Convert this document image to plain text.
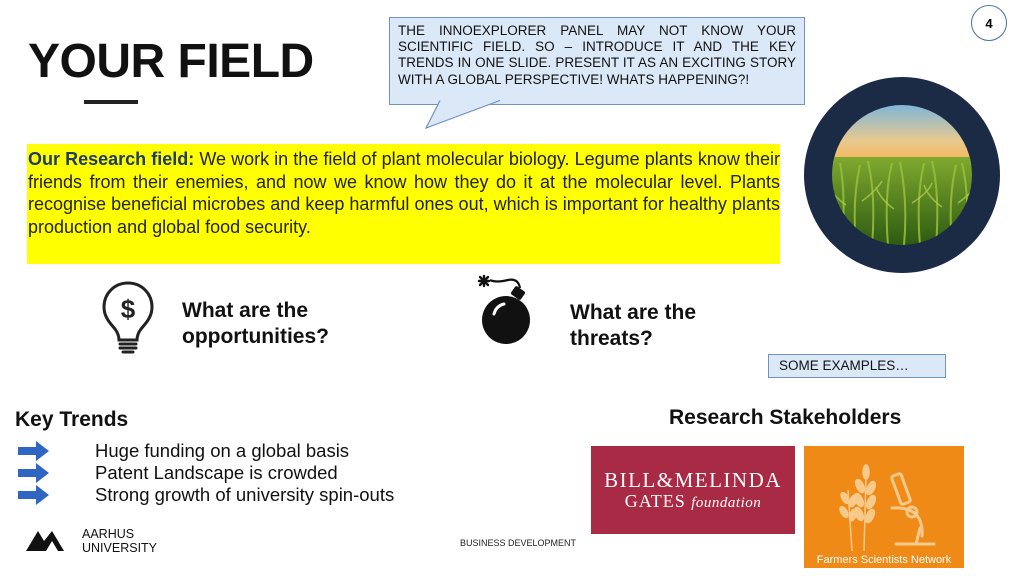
YOUR FIELD
THE INNOEXPLORER PANEL MAY NOT KNOW YOUR SCIENTIFIC FIELD. SO – INTRODUCE IT AND THE KEY TRENDS IN ONE SLIDE. PRESENT IT AS AN EXCITING STORY WITH A GLOBAL PERSPECTIVE! WHATS HAPPENING?!
4
Our Research field: We work in the field of plant molecular biology. Legume plants know their friends from their enemies, and now we know how they do it at the molecular level. Plants recognise beneficial microbes and keep harmful ones out, which is important for healthy plants production and global food security.
$ What are the opportunities?
What are the threats?
SOME EXAMPLES…
Key Trends
Huge funding on a global basis
Patent Landscape is crowded
Strong growth of university spin-outs
Research Stakeholders
BILL&MELINDA
GATES foundation
Farmers Scientists Network
AARHUS
UNIVERSITY	BUSINESS DEVELOPMENT
